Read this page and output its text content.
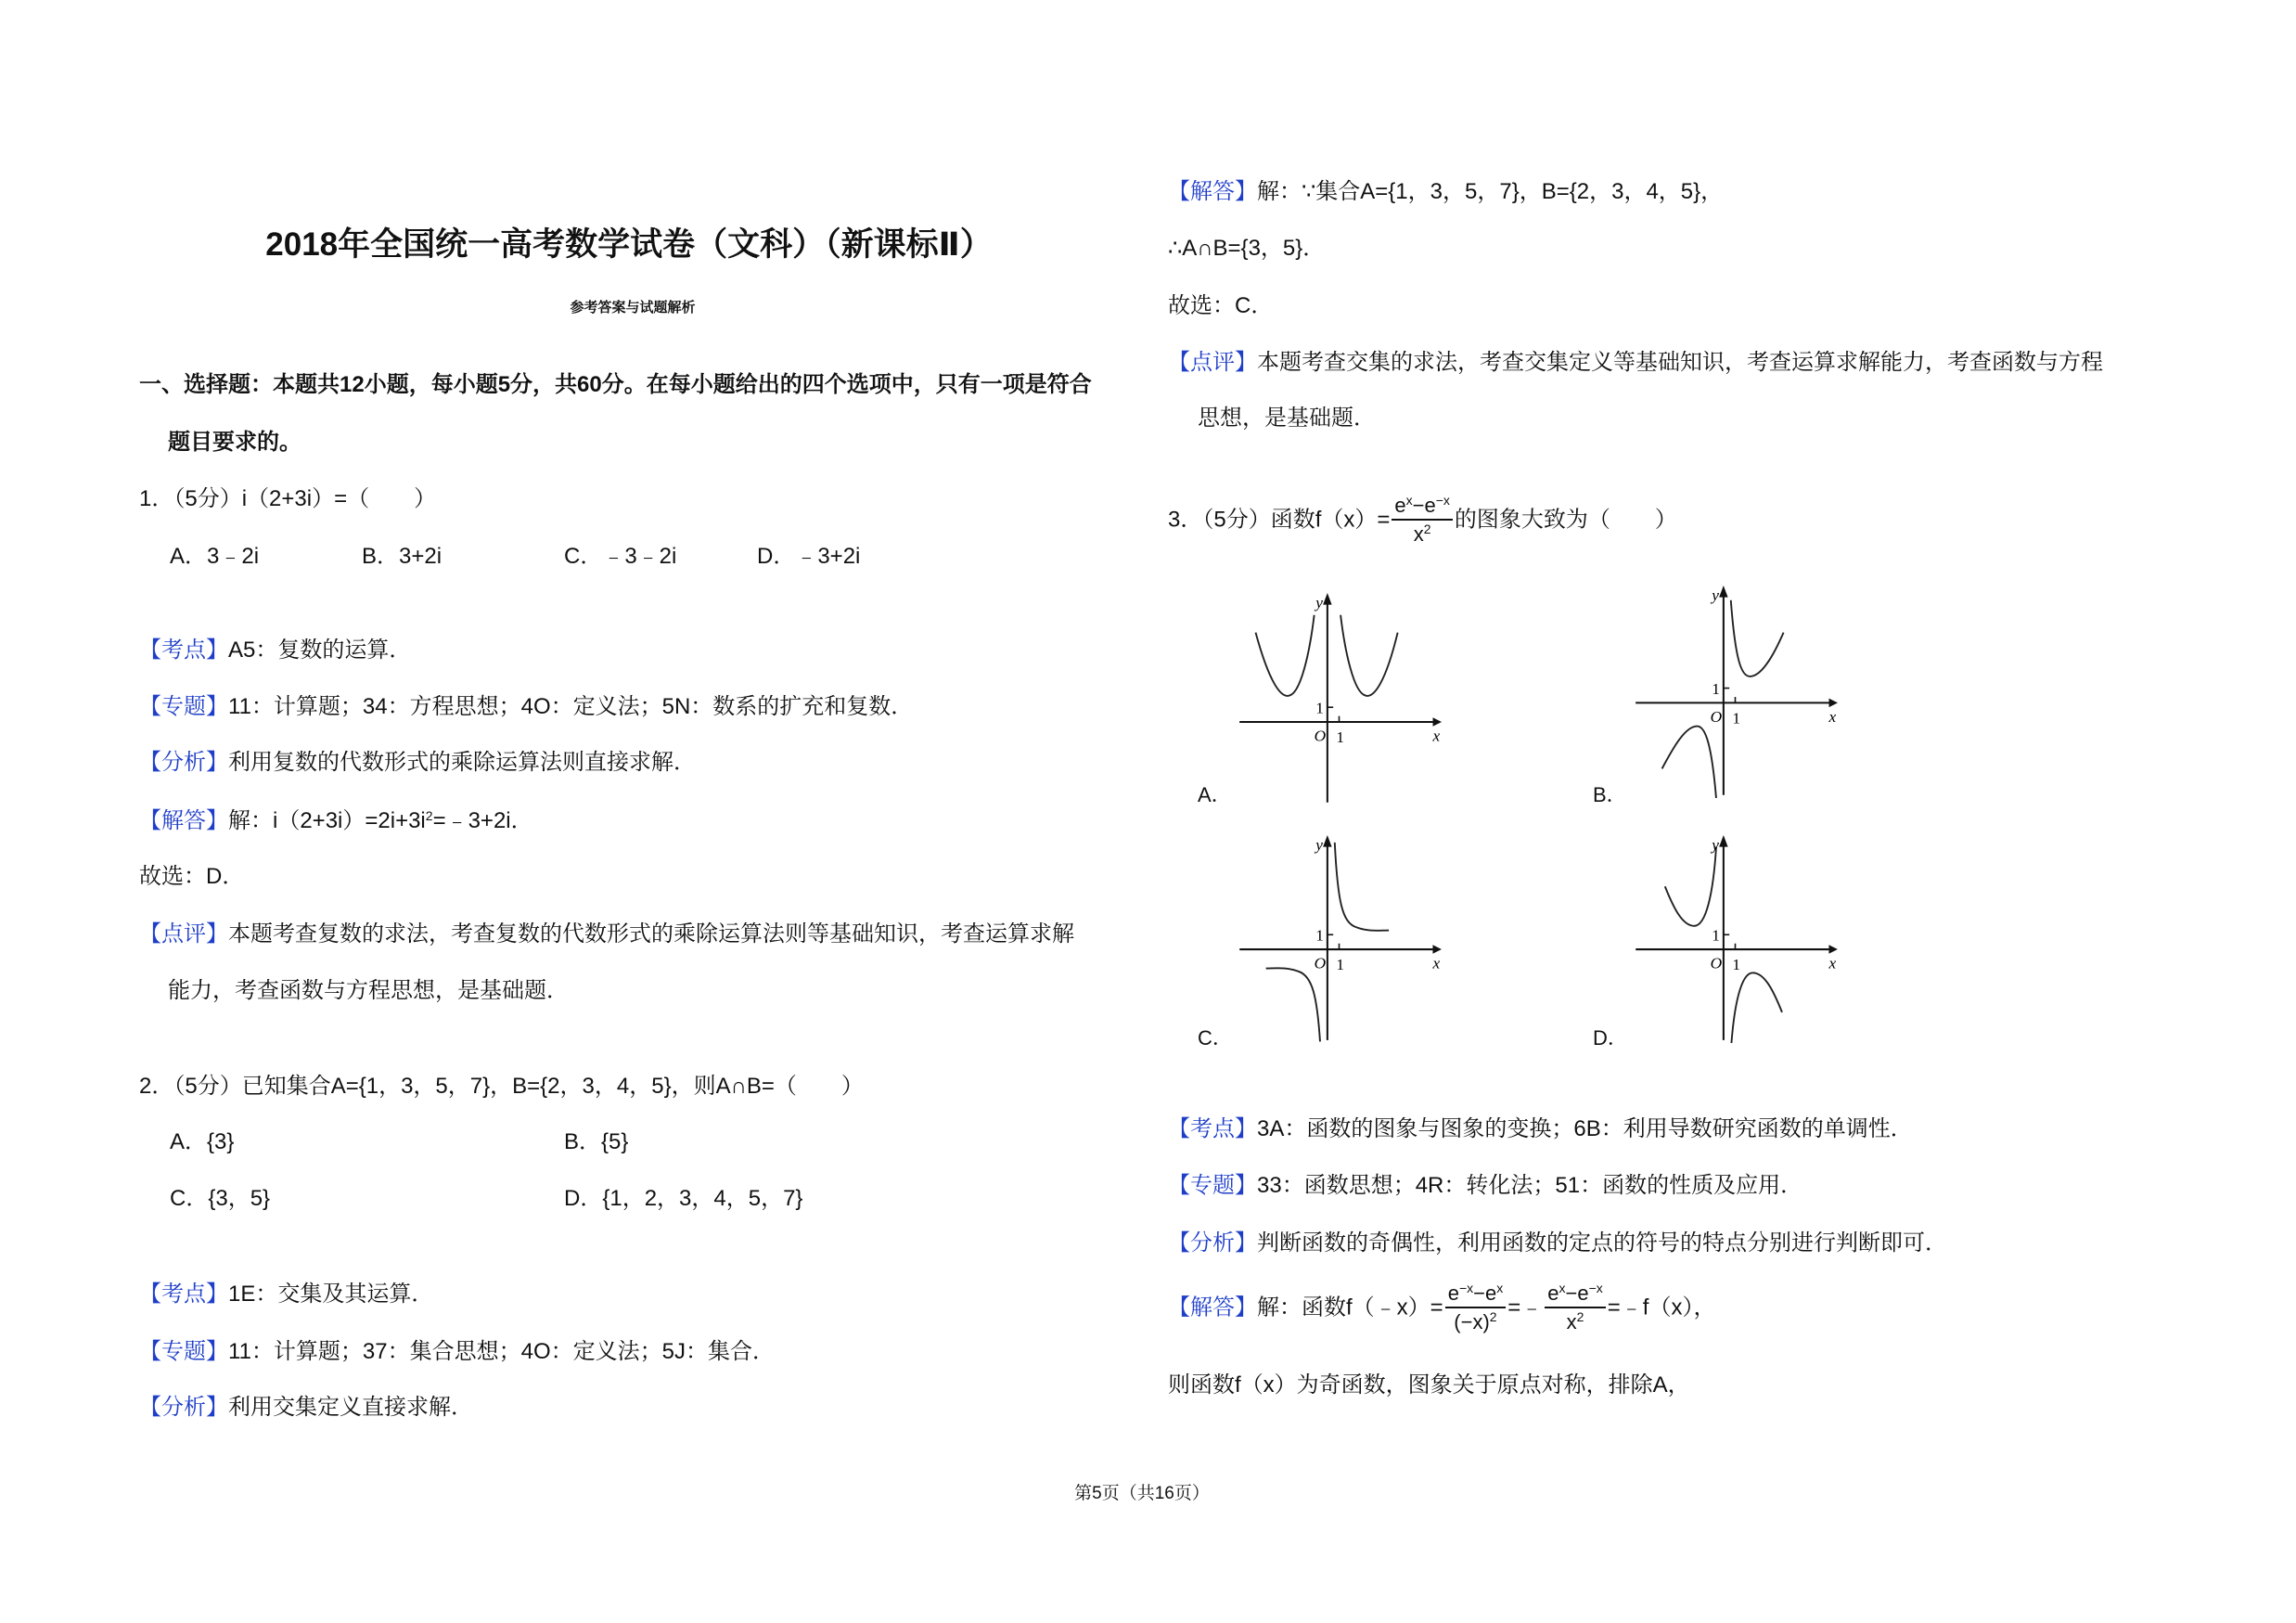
2018年全国统一高考数学试卷（文科）（新课标Ⅱ）
参考答案与试题解析
一、选择题：本题共12小题，每小题5分，共60分。在每小题给出的四个选项中，只有一项是符合
题目要求的。
1．（5分）i（2+3i）=（　　）
A．3﹣2i	B．3+2i	C．﹣3﹣2i	D．﹣3+2i
【考点】A5：复数的运算．
【专题】11：计算题；34：方程思想；4O：定义法；5N：数系的扩充和复数．
【分析】利用复数的代数形式的乘除运算法则直接求解．
【解答】解：$i(2+3i)=2i+3i^2=﹣3+2i$．
故选：D．
【点评】本题考查复数的求法，考查复数的代数形式的乘除运算法则等基础知识，考查运算求解
能力，考查函数与方程思想，是基础题．
2．（5分）已知集合A={1，3，5，7}，B={2，3，4，5}，则A∩B=（　　）
A．{3}	B．{5}
C．{3，5}	D．{1，2，3，4，5，7}
【考点】1E：交集及其运算．
【专题】11：计算题；37：集合思想；4O：定义法；5J：集合．
【分析】利用交集定义直接求解．
【解答】解：∵集合A={1，3，5，7}，B={2，3，4，5}，
∴A∩B={3，5}．
故选：C．
【点评】本题考查交集的求法，考查交集定义等基础知识，考查运算求解能力，考查函数与方程
思想，是基础题．
3．（5分）函数$f(x)= \frac{e^x-e^{-x}}{x^2}$ 的图象大致为（　　）
y
x
O
1
1
y
x
O
1
1
y
x
O
1
1
y
x
O
1
1
A．	B．
C．	D．
【考点】3A：函数的图象与图象的变换；6B：利用导数研究函数的单调性．
【专题】33：函数思想；4R：转化法；51：函数的性质及应用．
【分析】判断函数的奇偶性，利用函数的定点的符号的特点分别进行判断即可．
【解答】解：函数f（﹣x）= $\frac{e^{-x}-e^x}{(-x)^2}$ =﹣ $\frac{e^x-e^{-x}}{x^2}$ =﹣f（x），
则函数f（x）为奇函数，图象关于原点对称，排除A，
第5页（共16页）
